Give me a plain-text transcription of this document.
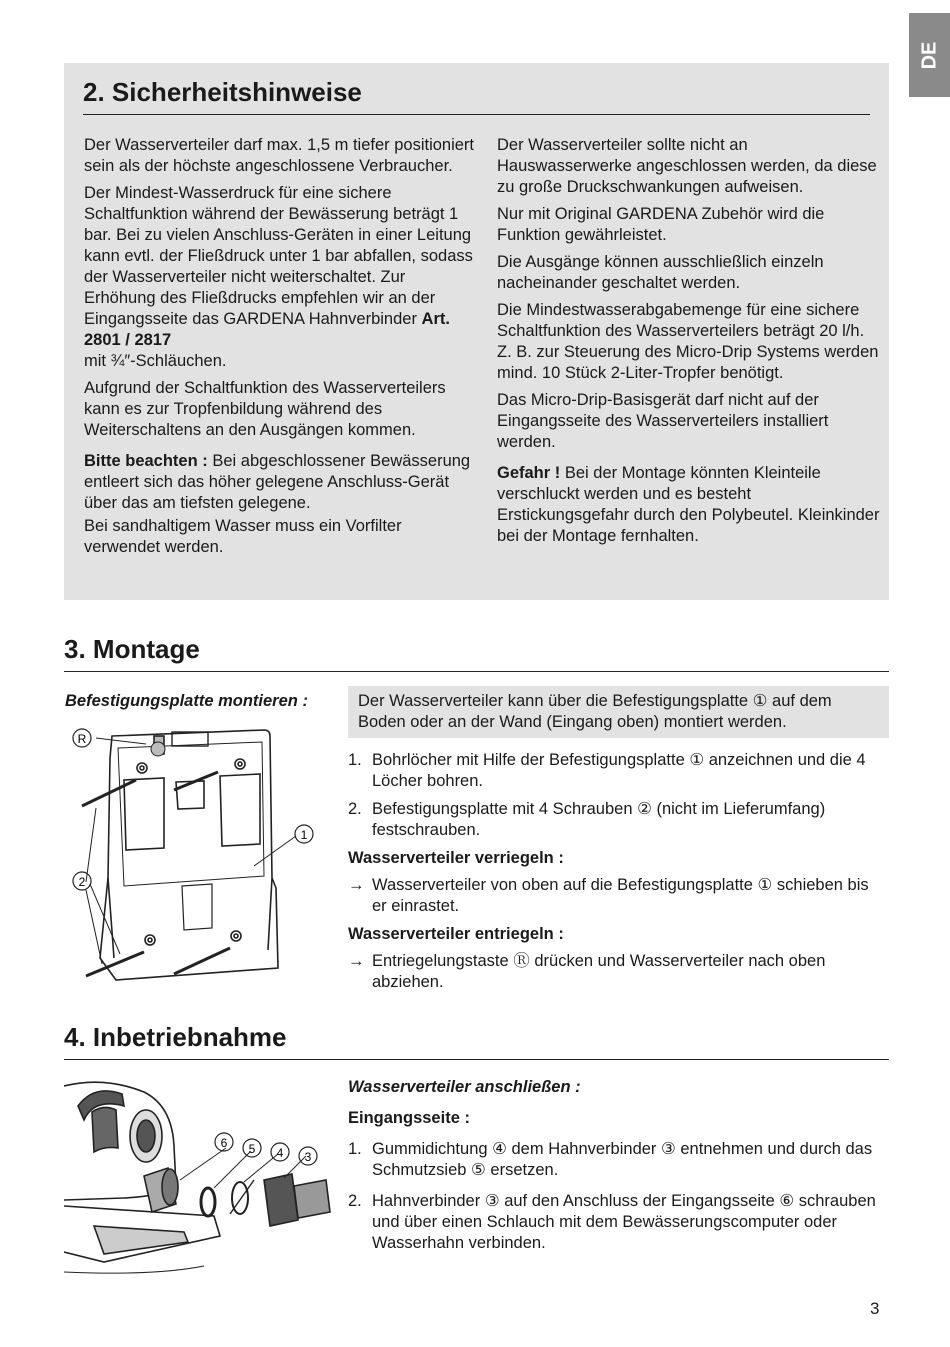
DE
2. Sicherheitshinweise

Der Wasserverteiler darf max. 1,5 m tiefer positioniert sein als der höchste angeschlossene Verbraucher.

Der Mindest-Wasserdruck für eine sichere Schaltfunktion während der Bewässerung beträgt 1 bar. Bei zu vielen Anschluss-Geräten in einer Leitung kann evtl. der Fließdruck unter 1 bar abfallen, sodass der Wasserverteiler nicht weiterschaltet. Zur Erhöhung des Fließdrucks empfehlen wir an der Eingangsseite das GARDENA Hahnverbinder Art. 2801 / 2817
mit ¾″-Schläuchen.

Aufgrund der Schaltfunktion des Wasserverteilers kann es zur Tropfenbildung während des Weiterschaltens an den Ausgängen kommen.

Bitte beachten : Bei abgeschlossener Bewässerung entleert sich das höher gelegene Anschluss-Gerät über das am tiefsten gelegene.

Bei sandhaltigem Wasser muss ein Vorfilter verwendet werden.

Der Wasserverteiler sollte nicht an Hauswasserwerke angeschlossen werden, da diese zu große Druckschwankungen aufweisen.

Nur mit Original GARDENA Zubehör wird die Funktion gewährleistet.

Die Ausgänge können ausschließlich einzeln nacheinander geschaltet werden.

Die Mindestwasserabgabemenge für eine sichere Schaltfunktion des Wasserverteilers beträgt 20 l/h. Z. B. zur Steuerung des Micro-Drip Systems werden mind. 10 Stück 2-Liter-Tropfer benötigt.

Das Micro-Drip-Basisgerät darf nicht auf der Eingangsseite des Wasserverteilers installiert werden.

Gefahr ! Bei der Montage könnten Kleinteile verschluckt werden und es besteht Erstickungsgefahr durch den Polybeutel. Kleinkinder bei der Montage fernhalten.

3. Montage
Befestigungsplatte montieren :
R
1
2
Der Wasserverteiler kann über die Befestigungsplatte ① auf dem Boden oder an der Wand (Eingang oben) montiert werden.
1. Bohrlöcher mit Hilfe der Befestigungsplatte ① anzeichnen und die 4 Löcher bohren.
2. Befestigungsplatte mit 4 Schrauben ② (nicht im Lieferumfang) festschrauben.
Wasserverteiler verriegeln :
→ Wasserverteiler von oben auf die Befestigungsplatte ① schieben bis er einrastet.
Wasserverteiler entriegeln :
→ Entriegelungstaste Ⓡ drücken und Wasserverteiler nach oben abziehen.
4. Inbetriebnahme
6 5 4 3
Wasserverteiler anschließen :
Eingangsseite :
1. Gummidichtung ④ dem Hahnverbinder ③ entnehmen und durch das Schmutzsieb ⑤ ersetzen.
2. Hahnverbinder ③ auf den Anschluss der Eingangsseite ⑥ schrauben und über einen Schlauch mit dem Bewässerungscomputer oder Wasserhahn verbinden.
3
